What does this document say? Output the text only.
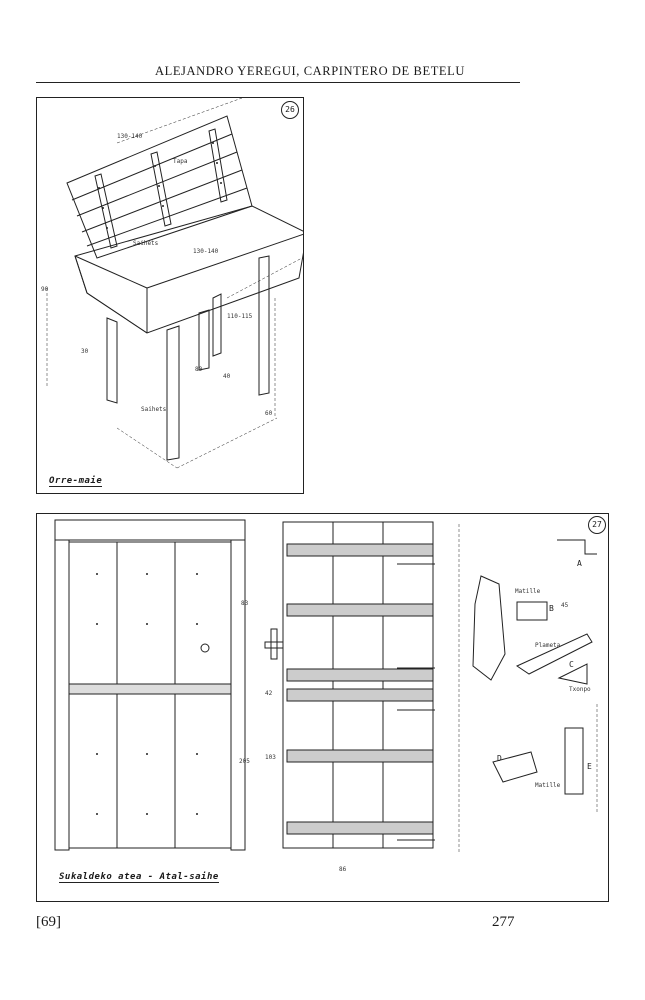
ALEJANDRO YEREGUI, CARPINTERO DE BETELU
26
Tapa
Saihets
130-140
130-140
110-115
30
40
80
90
Saihets
60
Orre-maie
27
A
B
C
D
E
Matille
Matille
Plameta
Txonpo
83
205
42
103
86
45
Sukaldeko atea - Atal-saihe
[69]	277
